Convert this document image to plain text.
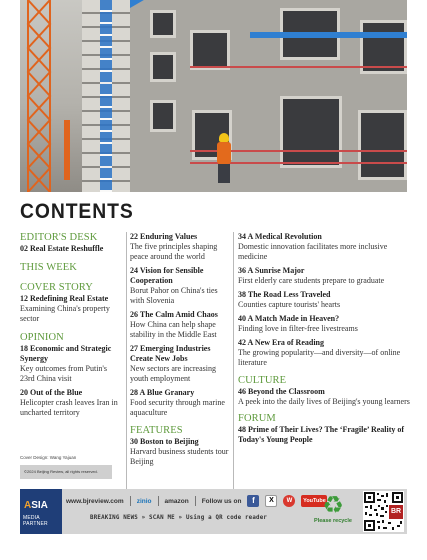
CONTENTS
EDITOR'S DESK
02 Real Estate Reshuffle
THIS WEEK
COVER STORY
12 Redefining Real Estate
Examining China's property sector
OPINION
18 Economic and Strategic Synergy
Key outcomes from Putin's 23rd China visit
20 Out of the Blue
Helicopter crash leaves Iran in uncharted territory
22 Enduring Values
The five principles shaping peace around the world
24 Vision for Sensible Cooperation
Borut Pahor on China's ties with Slovenia
26 The Calm Amid Chaos
How China can help shape stability in the Middle East
27 Emerging Industries Create New Jobs
New sectors are increasing youth employment
28 A Blue Granary
Food security through marine aquaculture
FEATURES
30 Boston to Beijing
Harvard business students tour Beijing
34 A Medical Revolution
Domestic innovation facilitates more inclusive medicine
36 A Sunrise Major
First elderly care students prepare to graduate
38 The Road Less Traveled
Counties capture tourists' hearts
40 A Match Made in Heaven?
Finding love in filter-free livestreams
42 A New Era of Reading
The growing popularity—and diversity—of online literature
CULTURE
46 Beyond the Classroom
A peek into the daily lives of Beijing's young learners
FORUM
48 Prime of Their Lives? The ‘Fragile’ Reality of Today's Young People
Cover Design: Wang Yajuan
©2024 Beijing Review, all rights reserved.
ASIA
MEDIA PARTNER
www.bjreview.com zinio amazon Follow us on	f	X	W	YouTube
BREAKING NEWS » SCAN ME » Using a QR code reader	♻
Please recycle
BR
